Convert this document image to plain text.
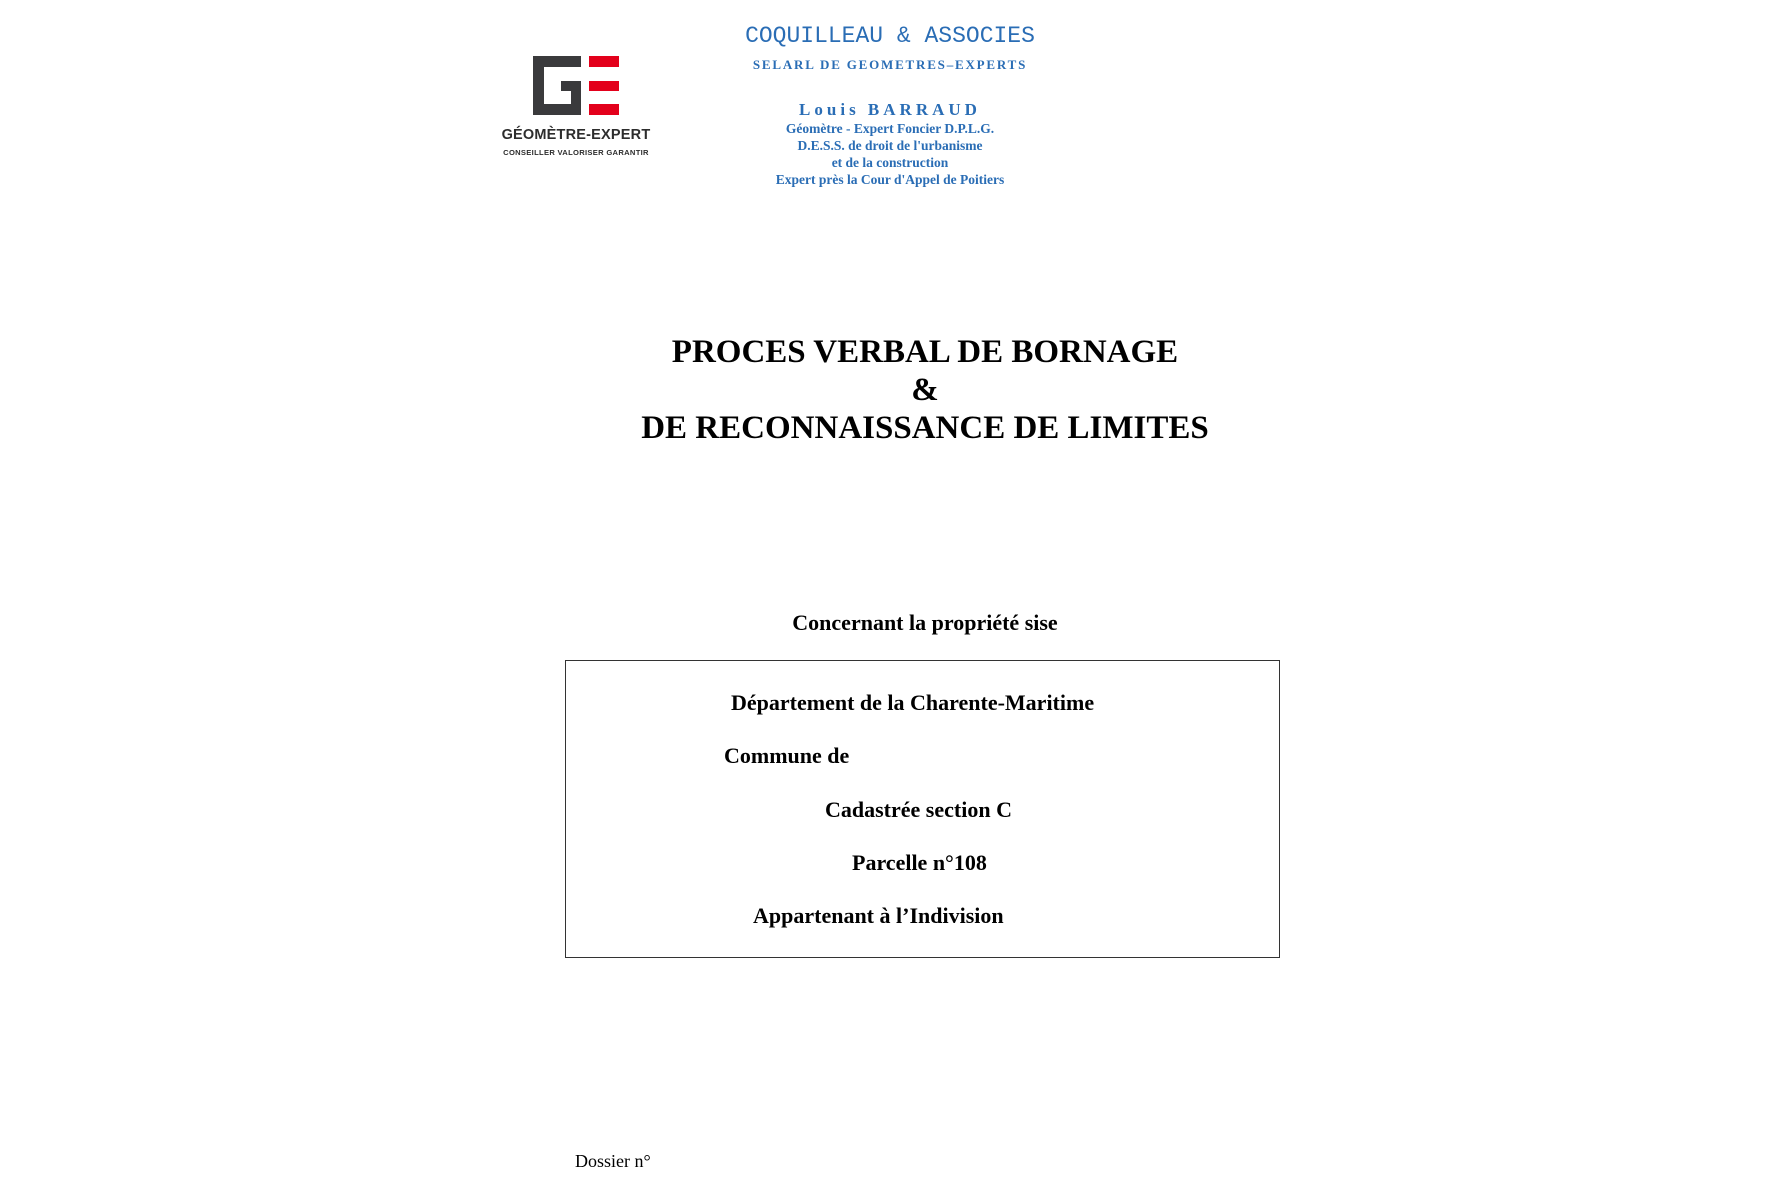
GÉOMÈTRE-EXPERT
CONSEILLER VALORISER GARANTIR
COQUILLEAU & ASSOCIES
SELARL DE GEOMETRES–EXPERTS
Louis BARRAUD
Géomètre - Expert Foncier D.P.L.G.
D.E.S.S. de droit de l'urbanisme
et de la construction
Expert près la Cour d'Appel de Poitiers
PROCES VERBAL DE BORNAGE
&
DE RECONNAISSANCE DE LIMITES
Concernant la propriété sise
Département de la Charente-Maritime
Commune de
Cadastrée section C
Parcelle n°108
Appartenant à l’Indivision
Dossier n°
